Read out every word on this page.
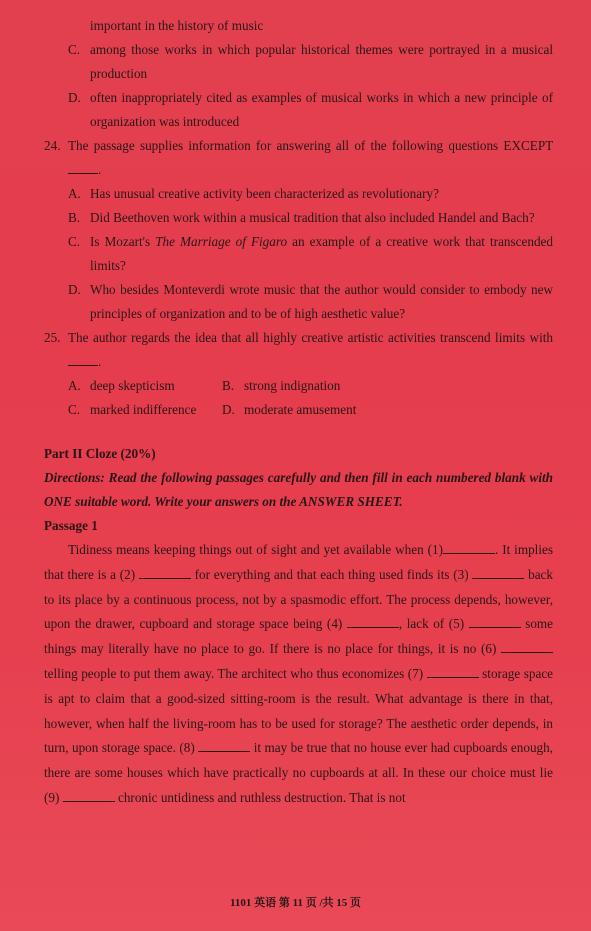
important in the history of music
C. among those works in which popular historical themes were portrayed in a musical production
D. often inappropriately cited as examples of musical works in which a new principle of organization was introduced
24. The passage supplies information for answering all of the following questions EXCEPT .
A. Has unusual creative activity been characterized as revolutionary?
B. Did Beethoven work within a musical tradition that also included Handel and Bach?
C. Is Mozart's The Marriage of Figaro an example of a creative work that transcended limits?
D. Who besides Monteverdi wrote music that the author would consider to embody new principles of organization and to be of high aesthetic value?
25. The author regards the idea that all highly creative artistic activities transcend limits with .
A. deep skepticism	B. strong indignation
C. marked indifference D. moderate amusement
Part II Cloze (20%)
Directions: Read the following passages carefully and then fill in each numbered blank with ONE suitable word. Write your answers on the ANSWER SHEET.
Passage 1
Tidiness means keeping things out of sight and yet available when (1)	. It implies that there is a (2)	for everything and that each thing used finds its (3)	back to its place by a continuous process, not by a spasmodic effort. The process depends, however, upon the drawer, cupboard and storage space being (4)	, lack of (5)	some things may literally have no place to go. If there is no place for things, it is no (6)  telling people to put them away. The architect who thus economizes (7)	storage space is apt to claim that a good-sized sitting-room is the result. What advantage is there in that, however, when half the living-room has to be used for storage? The aesthetic order depends, in turn, upon storage space. (8)	it may be true that no house ever had cupboards enough, there are some houses which have practically no cupboards at all. In these our choice must lie (9)	chronic untidiness and ruthless destruction. That is not
1101 英语 第 11 页 /共 15 页
